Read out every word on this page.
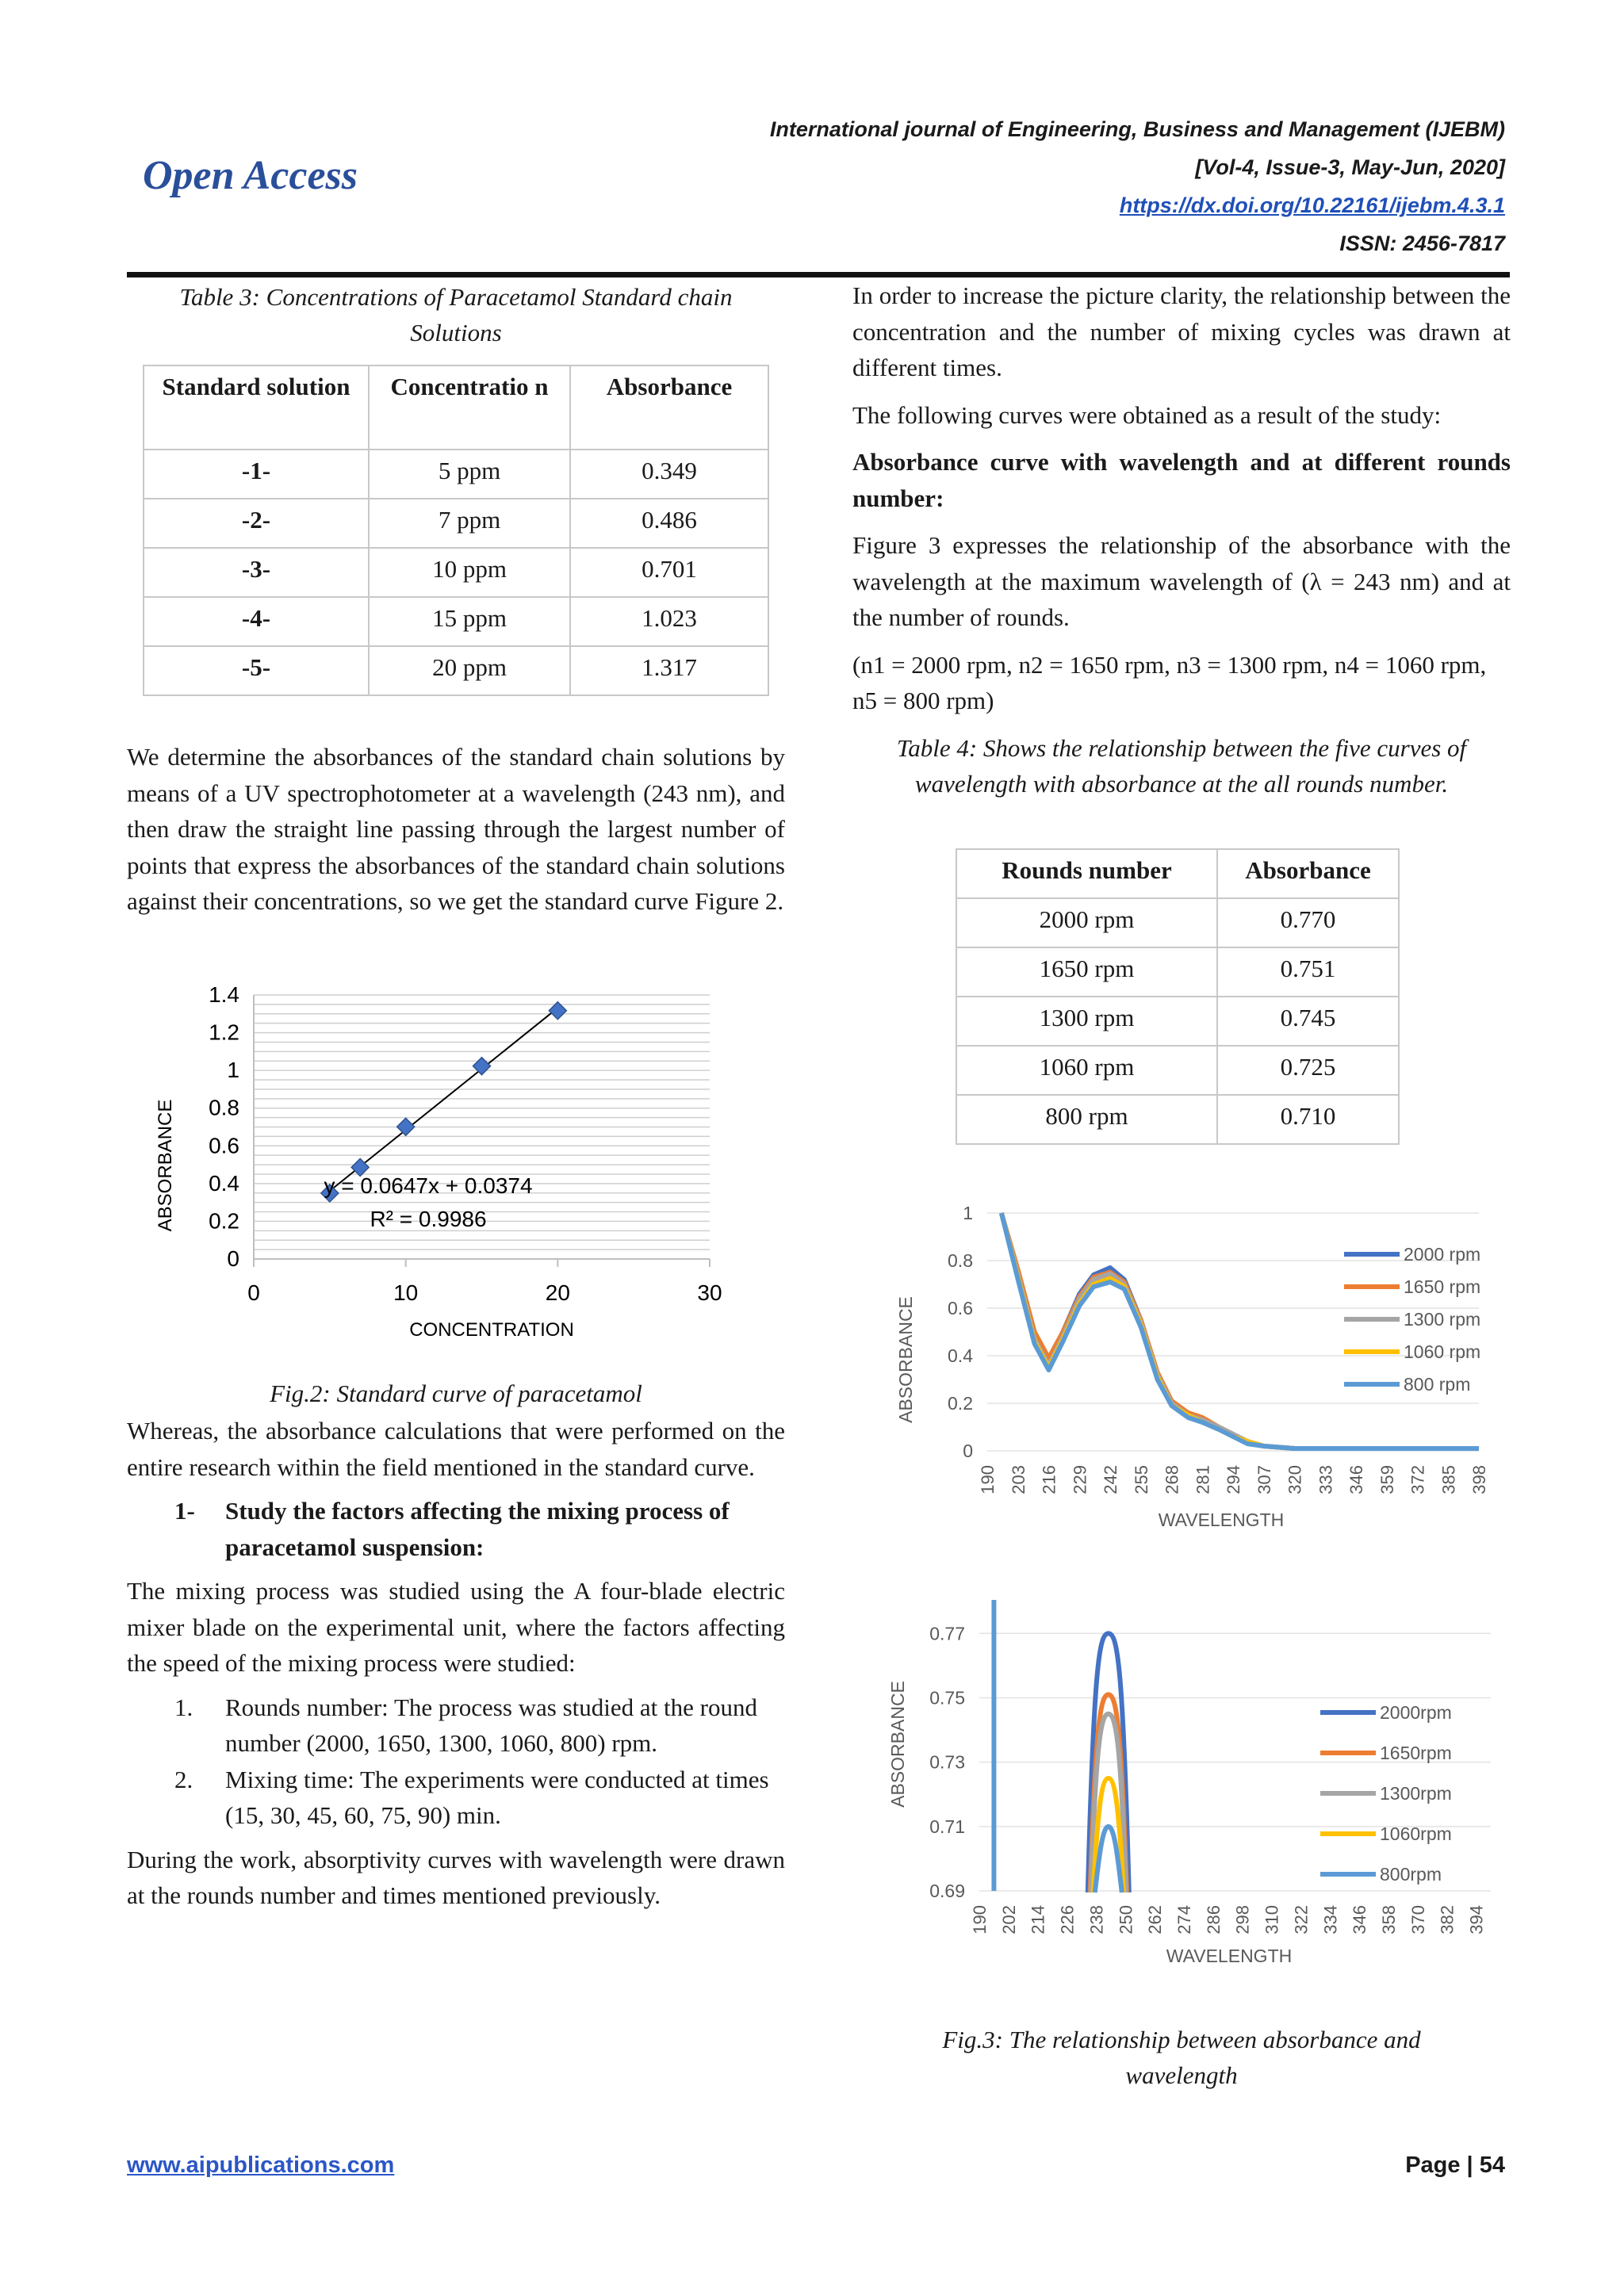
International journal of Engineering, Business and Management (IJEBM)
[Vol-4, Issue-3, May-Jun, 2020]
https://dx.doi.org/10.22161/ijebm.4.3.1
ISSN: 2456-7817
Open Access
Table 3: Concentrations of Paracetamol Standard chain
Solutions
Standard solution	Concentratio n	Absorbance
-1-	5 ppm	0.349
-2-	7 ppm	0.486
-3-	10 ppm	0.701
-4-	15 ppm	1.023
-5-	20 ppm	1.317

We determine the absorbances of the standard chain solutions by means of a UV spectrophotometer at a wavelength (243 nm), and then draw the straight line passing through the largest number of points that express the absorbances of the standard chain solutions against their concentrations, so we get the standard curve Figure 2.

0
0.2
0.4
0.6
0.8
1
1.2
1.4
0	10	20	30
y = 0.0647x + 0.0374
R² = 0.9986
CONCENTRATION
ABSORBANCE
Fig.2: Standard curve of paracetamol

Whereas, the absorbance calculations that were performed on the entire research within the field mentioned in the standard curve.

1- Study the factors affecting the mixing process of paracetamol suspension:

The mixing process was studied using the A four-blade electric mixer blade on the experimental unit, where the factors affecting the speed of the mixing process were studied:

1. Rounds number: The process was studied at the round number (2000, 1650, 1300, 1060, 800) rpm.

2. Mixing time: The experiments were conducted at times (15, 30, 45, 60, 75, 90) min.

During the work, absorptivity curves with wavelength were drawn at the rounds number and times mentioned previously.

In order to increase the picture clarity, the relationship between the concentration and the number of mixing cycles was drawn at different times.

The following curves were obtained as a result of the study:

Absorbance curve with wavelength and at different rounds number:

Figure 3 expresses the relationship of the absorbance with the wavelength at the maximum wavelength of (λ = 243 nm) and at the number of rounds.

(n1 = 2000 rpm, n2 = 1650 rpm, n3 = 1300 rpm, n4 = 1060 rpm, n5 = 800 rpm)

Table 4: Shows the relationship between the five curves of wavelength with absorbance at the all rounds number.

Rounds number	Absorbance
2000 rpm	0.770
1650 rpm	0.751
1300 rpm	0.745
1060 rpm	0.725
800 rpm	0.710
0
0.2
0.4
0.6
0.8
1
190 203 216 229 242 255 268 281 294 307 320 333 346 359 372 385 398
2000 rpm
1650 rpm
1300 rpm
1060 rpm
800 rpm
WAVELENGTH
ABSORBANCE
0.69
0.71
0.73
0.75
0.77
190 202 214 226 238 250 262 274 286 298 310 322 334 346 358 370 382 394
2000rpm
1650rpm
1300rpm
1060rpm
800rpm
WAVELENGTH
ABSORBANCE
Fig.3: The relationship between absorbance and
wavelength
www.aipublications.com	Page | 54
